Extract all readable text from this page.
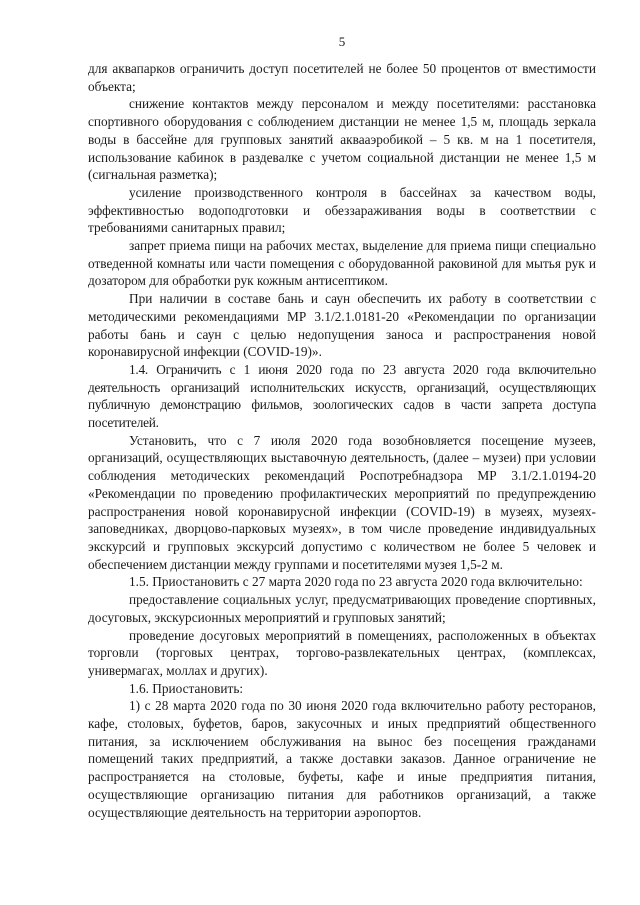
5

для аквапарков ограничить доступ посетителей не более 50 процентов от вместимости объекта;

снижение контактов между персоналом и между посетителями: расстановка спортивного оборудования с соблюдением дистанции не менее 1,5 м, площадь зеркала воды в бассейне для групповых занятий аквааэробикой – 5 кв. м на 1 посетителя, использование кабинок в раздевалке с учетом социальной дистанции не менее 1,5 м (сигнальная разметка);

усиление производственного контроля в бассейнах за качеством воды, эффективностью водоподготовки и обеззараживания воды в соответствии с требованиями санитарных правил;

запрет приема пищи на рабочих местах, выделение для приема пищи специально отведенной комнаты или части помещения с оборудованной раковиной для мытья рук и дозатором для обработки рук кожным антисептиком.

При наличии в составе бань и саун обеспечить их работу в соответствии с методическими рекомендациями МР 3.1/2.1.0181-20 «Рекомендации по организации работы бань и саун с целью недопущения заноса и распространения новой коронавирусной инфекции (COVID-19)».

1.4. Ограничить с 1 июня 2020 года по 23 августа 2020 года включительно деятельность организаций исполнительских искусств, организаций, осуществляющих публичную демонстрацию фильмов, зоологических садов в части запрета доступа посетителей.

Установить, что с 7 июля 2020 года возобновляется посещение музеев, организаций, осуществляющих выставочную деятельность, (далее – музеи) при условии соблюдения методических рекомендаций Роспотребнадзора МР 3.1/2.1.0194-20 «Рекомендации по проведению профилактических мероприятий по предупреждению распространения новой коронавирусной инфекции (COVID-19) в музеях, музеях-заповедниках, дворцово-парковых музеях», в том числе проведение индивидуальных экскурсий и групповых экскурсий допустимо с количеством не более 5 человек и обеспечением дистанции между группами и посетителями музея 1,5-2 м.

1.5. Приостановить с 27 марта 2020 года по 23 августа 2020 года включительно:

предоставление социальных услуг, предусматривающих проведение спортивных, досуговых, экскурсионных мероприятий и групповых занятий;

проведение досуговых мероприятий в помещениях, расположенных в объектах торговли (торговых центрах, торгово-развлекательных центрах, (комплексах, универмагах, моллах и других).

1.6. Приостановить:

1) с 28 марта 2020 года по 30 июня 2020 года включительно работу ресторанов, кафе, столовых, буфетов, баров, закусочных и иных предприятий общественного питания, за исключением обслуживания на вынос без посещения гражданами помещений таких предприятий, а также доставки заказов. Данное ограничение не распространяется на столовые, буфеты, кафе и иные предприятия питания, осуществляющие организацию питания для работников организаций, а также осуществляющие деятельность на территории аэропортов.
